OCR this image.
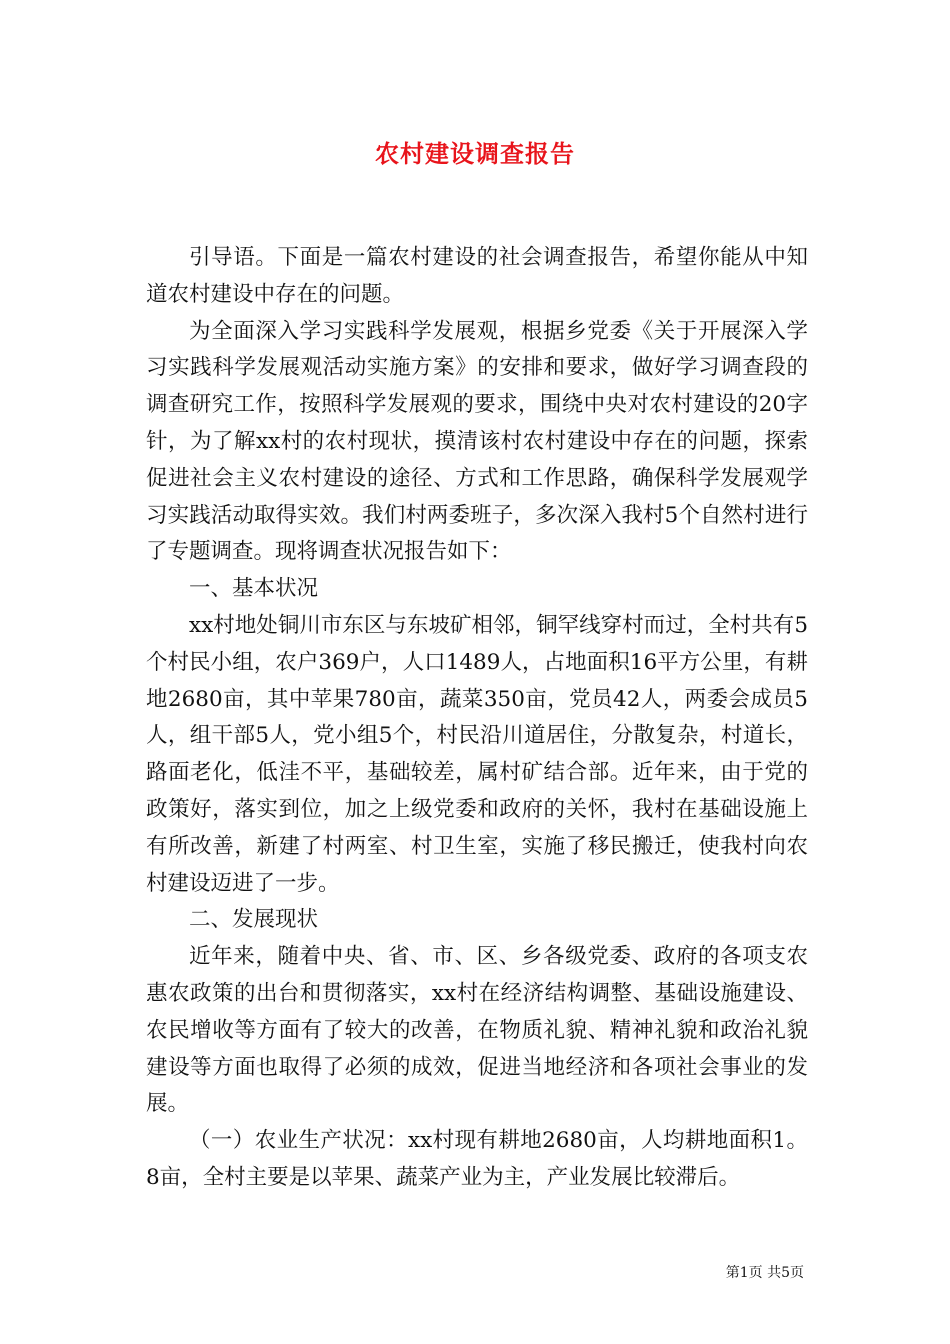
农村建设调查报告

引导语。下面是一篇农村建设的社会调查报告，希望你能从中知道农村建设中存在的问题。

为全面深入学习实践科学发展观，根据乡党委《关于开展深入学习实践科学发展观活动实施方案》的安排和要求，做好学习调查段的调查研究工作，按照科学发展观的要求，围绕中央对农村建设的20字针，为了解xx村的农村现状，摸清该村农村建设中存在的问题，探索促进社会主义农村建设的途径、方式和工作思路，确保科学发展观学习实践活动取得实效。我们村两委班子，多次深入我村5个自然村进行了专题调查。现将调查状况报告如下：

一、基本状况

xx村地处铜川市东区与东坡矿相邻，铜罕线穿村而过，全村共有5个村民小组，农户369户，人口1489人，占地面积16平方公里，有耕地2680亩，其中苹果780亩，蔬菜350亩，党员42人，两委会成员5人，组干部5人，党小组5个，村民沿川道居住，分散复杂，村道长，路面老化，低洼不平，基础较差，属村矿结合部。近年来，由于党的政策好，落实到位，加之上级党委和政府的关怀，我村在基础设施上有所改善，新建了村两室、村卫生室，实施了移民搬迁，使我村向农村建设迈进了一步。

二、发展现状

近年来，随着中央、省、市、区、乡各级党委、政府的各项支农惠农政策的出台和贯彻落实，xx村在经济结构调整、基础设施建设、农民增收等方面有了较大的改善，在物质礼貌、精神礼貌和政治礼貌建设等方面也取得了必须的成效，促进当地经济和各项社会事业的发展。

（一）农业生产状况：xx村现有耕地2680亩，人均耕地面积1。8亩，全村主要是以苹果、蔬菜产业为主，产业发展比较滞后。

第1页 共5页
